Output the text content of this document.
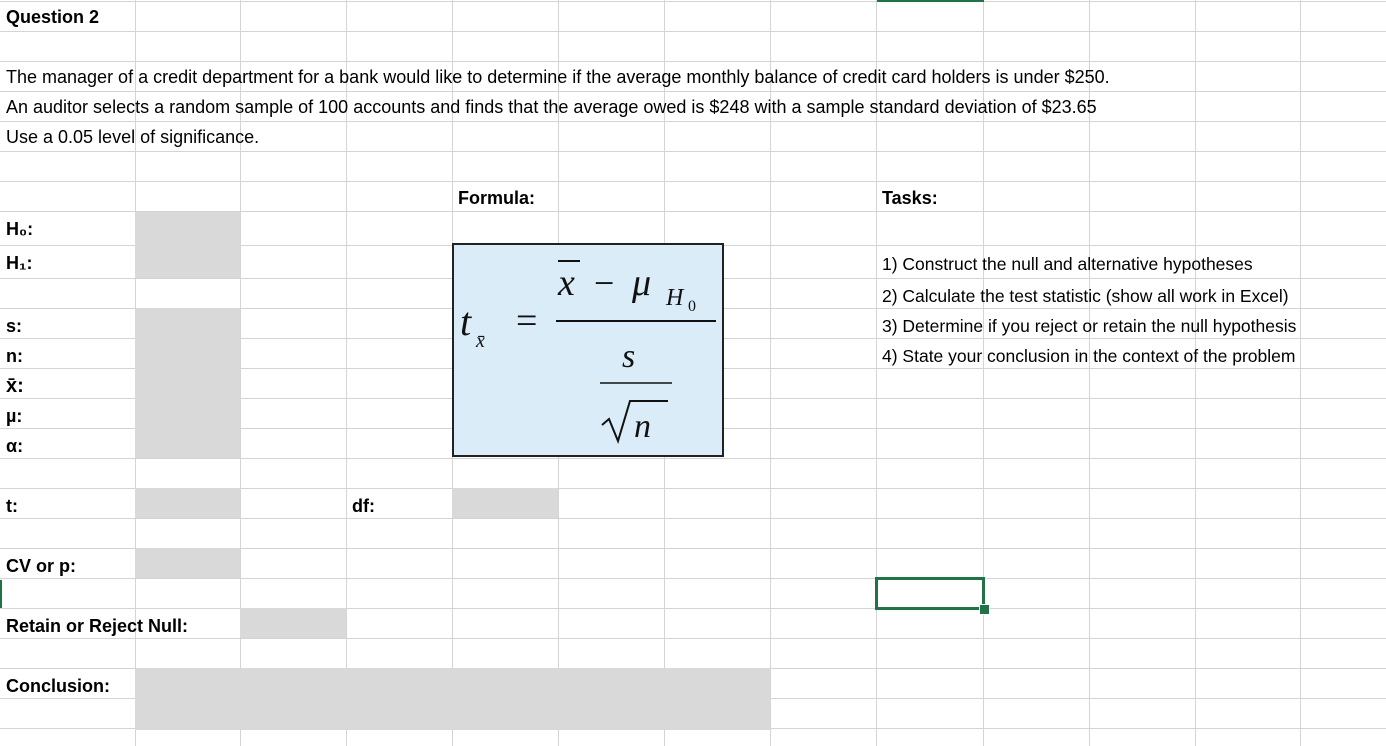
Question 2
The manager of a credit department for a bank would like to determine if the average monthly balance of credit card holders is under $250.
An auditor selects a random sample of 100 accounts and finds that the average owed is $248 with a sample standard deviation of $23.65
Use a 0.05 level of significance.
H₀:
H₁:
s:
n:
x̄:
µ:
α:
t:	df:
CV or p:
Retain or Reject Null:
Conclusion:
Formula:
t x̄ =
x − μ H 0
s
n
Tasks:
1) Construct the null and alternative hypotheses
2) Calculate the test statistic (show all work in Excel)
3) Determine if you reject or retain the null hypothesis
4) State your conclusion in the context of the problem
